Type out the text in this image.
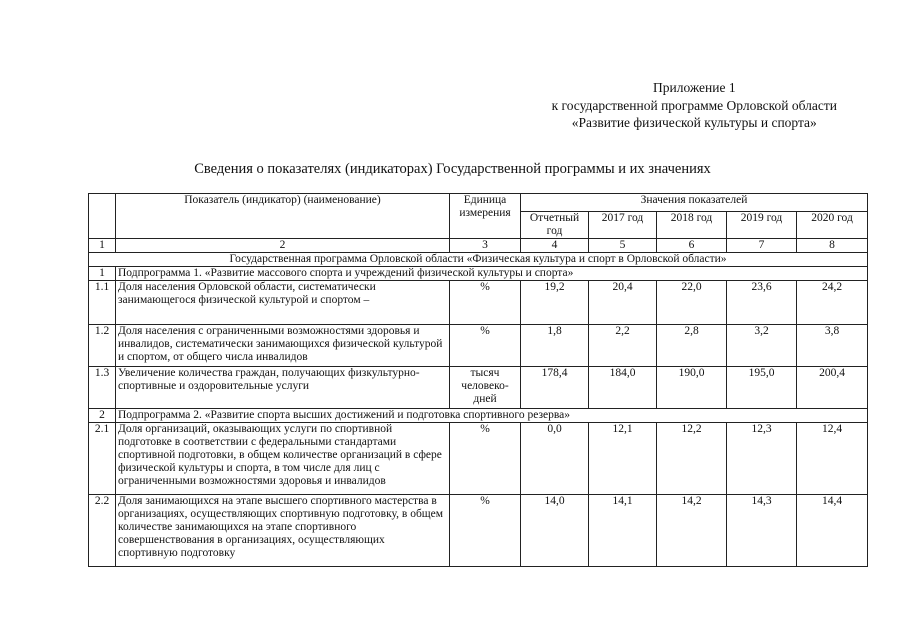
Приложение 1
к государственной программе Орловской области
«Развитие физической культуры и спорта»
Сведения о показателях (индикаторах) Государственной программы и их значениях
	Показатель (индикатор) (наименование)	Единица измерения	Значения показателей				
			Отчетный год	2017 год	2018 год	2019 год	2020 год
1	2	3	4	5	6	7	8
Государственная программа Орловской области «Физическая культура и спорт в Орловской области»							
1	Подпрограмма 1. «Развитие массового спорта и учреждений физической культуры и спорта»						
1.1	Доля населения Орловской области, систематически занимающегося физической культурой и спортом –	%	19,2	20,4	22,0	23,6	24,2
1.2	Доля населения с ограниченными возможностями здоровья и инвалидов, систематически занимающихся физической культурой и спортом, от общего числа инвалидов	%	1,8	2,2	2,8	3,2	3,8
1.3	Увеличение количества граждан, получающих физкультурно-спортивные и оздоровительные услуги	тысяч человеко-дней	178,4	184,0	190,0	195,0	200,4
2	Подпрограмма 2. «Развитие спорта высших достижений и подготовка спортивного резерва»						
2.1	Доля организаций, оказывающих услуги по спортивной подготовке в соответствии с федеральными стандартами спортивной подготовки, в общем количестве организаций в сфере физической культуры и спорта, в том числе для лиц с ограниченными возможностями здоровья и инвалидов	%	0,0	12,1	12,2	12,3	12,4
2.2	Доля занимающихся на этапе высшего спортивного мастерства в организациях, осуществляющих спортивную подготовку, в общем количестве занимающихся на этапе спортивного совершенствования в организациях, осуществляющих спортивную подготовку	%	14,0	14,1	14,2	14,3	14,4
